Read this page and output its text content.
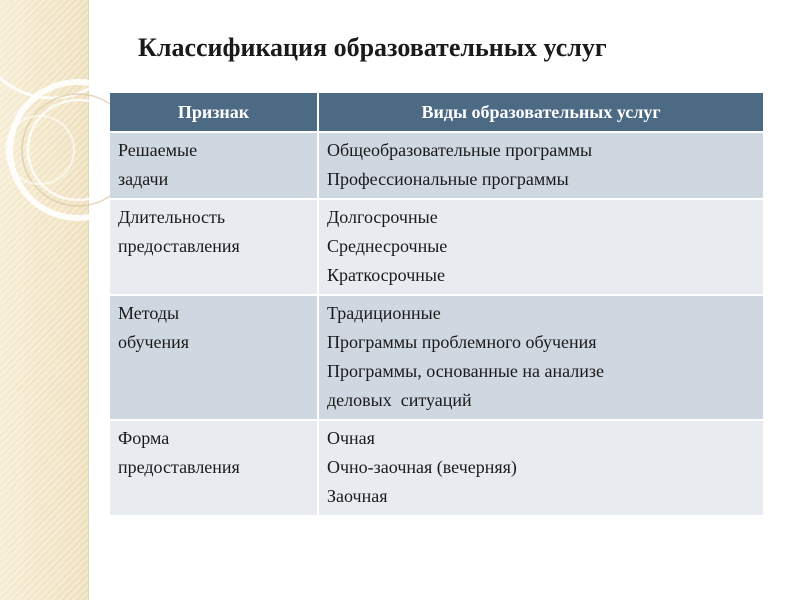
Классификация образовательных услуг
Признак	Виды образовательных услуг

Решаемые
задачи	Общеобразовательные программы
Профессиональные программы

Длительность
предоставления	Долгосрочные
Среднесрочные
Краткосрочные

Методы
обучения	Традиционные
Программы проблемного обучения
Программы, основанные на анализе
деловых  ситуаций

Форма
предоставления	Очная
Очно-заочная (вечерняя)
Заочная
